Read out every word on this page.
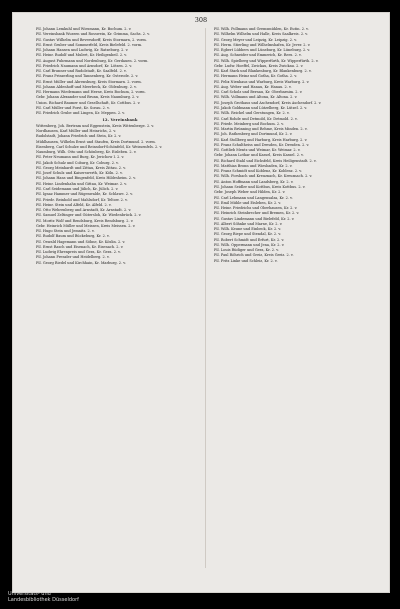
308
Fil. Johann Lemkuhl und Wiesmann, Kr. Bochum. 2. v.
Fil. Vereinsbank Wurzen und Rosswein, Kr. Grimma, Sachs. 2. v.
Fil. Gustav Wilhelm und Beversdorff, Kreis Stormarn, 2. vorm.
Fil. Ernst Gruber und Sommerfeld, Kreis Bielefeld. 2. vorm.
Fil. Johann Hansen und Ludwig, Kr. Ratzeburg. 2. v.
Fil. Heinr. Rudolf und Mulert, Kr. Heiligenbeil. 2. v.
Fil. August Fuhrmann und Nordenburg, Kr. Gerdauen. 2. vorm.
Fil. Friedrich Naumann und Arnsdorf, Kr. Lötzen. 2. v.
Fil. Carl Brunner und Rudolstadt, Kr. Saalfeld. 2. v.
Fil. Franz Prinzerling und Tannenberg, Kr. Osterode. 2. v.
Fil. Ernst Müller und Ahrensburg, Kreis Stormarn. 2. vorm.
Fil. Johann Aldenhoff und Meerbeck, Kr. Oldenburg. 2. v.
Fil. Hermann Wiedemann und Herne, Kreis Bochum, 2. vorm.
Gebr. Johann Alexander und Brunn, Kreis Naumburg. 2. v.
Union. Richard Baumer und Gesellschaft, Kr. Cottbus. 2. v.
Fil. Carl Müller und Forst, Kr. Sorau. 2. v.
Fil. Friedrich Grube und Lingen, Kr. Meppen. 2. v.
12. Vereinsbank
Wittenberg, Joh. Bertram und Eggenstein, Kreis Wittenberge. 2. v.
Nordhausen, Karl Müller und Heinrichs, 2. v.
Rudolstadt, Johann Friedrich und Stein, Kr. 2. v.
Mühlhausen, Wilhelm Ernst und Staufen, Kreis Dortmund. 2. vorm.
Eisenberg, Carl Schulze und Reinsdorf-Schönfeld, Kr. Weissenfels. 2. v.
Naumburg, Wilh. Otto und Schönberg, Kr. Eisleben. 2. v.
Fil. Peter Neumann und Burg, Kr. Jerichow I. 2. v.
Fil. Jakob Schulz und Coburg, Kr. Coburg. 2. v.
Fil. Georg Meinhardt und Zittau, Kreis Zittau. 2. v.
Fil. Josef Schulz und Kaiserswerth, Kr. Köln. 2. v.
Fil. Johann Hans und Bingenfeld, Kreis Hildesheim. 2. v.
Fil. Heinr. Lindenhahn und Gittau, Kr. Weimar. 2. v.
Fil. Carl Seidemann und Jülich, Kr. Jülich. 2. v.
Fil. Ignaz Hammer und Rügenwalde, Kr. Schlawe. 2. v.
Fil. Friedr. Reinhold und Mahlsdorf, Kr. Teltow. 2. v.
Fil. Heinr. Stein und Alfeld, Kr. Alfeld. 2. v.
Fil. Otto Wehrenberg und Arnstadt, Kr. Arnstadt. 2. v.
Fil. Samuel Zeltinger und Gütersloh, Kr. Wiedenbrück. 2. v.
Fil. Moritz Wolf und Rendsburg, Kreis Rendsburg. 2. v.
Gebr. Heinrich Müller und Meissen, Kreis Meissen. 2. v.
Fil. Hugo Stein und Jemnitz. 2. v.
Fil. Rudolf Baum und Bückeburg, Kr. 2. v.
Fil. Oswald Hagemann und Söhne, Kr. Köslin. 2. v.
Fil. Ernst Rasch und Eisenach, Kr. Eisenach. 2. v.
Fil. Ludwig Ehrenpreis und Gera, Kr. Gera. 2. v.
Fil. Johann Prenzler und Heidelberg. 2. v.
Fil. Georg Riedel und Kirchhain, Kr. Marburg. 2. v.
Fil. Wilh. Pollmann und Gremsmühlen, Kr. Eutin. 2. v.
Fil. Wilhelm Wilhelm und Halle, Kreis Saalkreis. 2. v.
Fil. Georg Meyer und Leipzig, Kr. Leipzig. 2. v.
Fil. Herm. Stierling und Wilhelmshafen, Kr. Jever. 2. v.
Fil. Egbert Lübbers und Lüneburg, Kr. Lüneburg. 2. v.
Fil. Aug. Schneider und Emmerich, Kr. Rees. 2. v.
Fil. Wilh. Spielberg und Wipperfürth, Kr. Wipperfürth. 2. v.
Gebr. Ludw. Hoeffel, Zwickau, Kreis Zwickau. 2. v.
Fil. Karl Stark und Blankenburg, Kr. Blankenburg. 2. v.
Fil. Hermann Heinz und Gotha, Kr. Gotha. 2. v.
Fil. Felix Nienhaus und Warburg, Kreis Warburg. 2. v.
Fil. Aug. Weber und Hanau, Kr. Hanau. 2. v.
Fil. Carl Scholz und Bernau, Kr. Oberbarnim. 2. v.
Fil. Wilh. Vollmann und Altona, Kr. Altona. 2. v.
Fil. Joseph Grothaus und Aschendorf, Kreis Aschendorf. 2. v.
Fil. Jakob Goldmann und Lützelberg, Kr. Lützel. 2. v.
Fil. Wilh. Reichel und Gerstungen, Kr. 2. v.
Fil. Carl Rohde und Detmold, Kr. Detmold. 2. v.
Fil. Friedr. Meinberg und Bochum. 2. v.
Fil. Martin Brünning und Rehme, Kreis Minden. 2. v.
Fil. Joh. Rathenberg und Dortmund, Kr. 2. v.
Fil. Karl Stollberg und Harburg, Kreis Harburg. 2. v.
Fil. Franz Schultheiss und Dresden, Kr. Dresden. 2. v.
Fil. Gottlieb Mentz und Weimar, Kr. Weimar. 2. v.
Gebr. Johann Lothar und Kassel, Kreis Kassel. 2. v.
Fil. Richard Stahl und Eichsfeld, Kreis Heiligenstadt. 2. v.
Fil. Matthias Bronn und Wiesbaden, Kr. 2. v.
Fil. Franz Schmidt und Koblenz, Kr. Koblenz. 2. v.
Fil. Wilh. Forsbach und Kreuznach, Kr. Kreuznach. 2. v.
Fil. Anton Hoffmann und Landsberg, Kr. 2. v.
Fil. Johann Seidler und Kottbus, Kreis Kottbus. 2. v.
Gebr. Joseph Weber und Hilden, Kr. 2. v.
Fil. Carl Lehmann und Langensalza, Kr. 2. v.
Fil. Emil Mühle und Eisleben, Kr. 2. v.
Fil. Heinr. Friedrichs und Oberhausen, Kr. 2. v.
Fil. Heinrich Steinbrecher und Bremen, Kr. 2. v.
Fil. Gustav Lindemann und Bielefeld, Kr. 2. v.
Fil. Albert Söhnke und Marne, Kr. 2. v.
Fil. Wilh. Keune und Einbeck, Kr. 2. v.
Fil. Georg Riepe und Stendal, Kr. 2. v.
Fil. Robert Schmidt und Erfurt, Kr. 2. v.
Fil. Wilh. Oppermann und Jena, Kr. 2. v.
Fil. Louis Rüdiger und Gera, Kr. 2. v.
Fil. Paul Röhrich und Greiz, Kreis Greiz. 2. v.
Fil. Fritz Linke und Schleiz, Kr. 2. v.
Universitäts- und
Landesbibliothek Düsseldorf
